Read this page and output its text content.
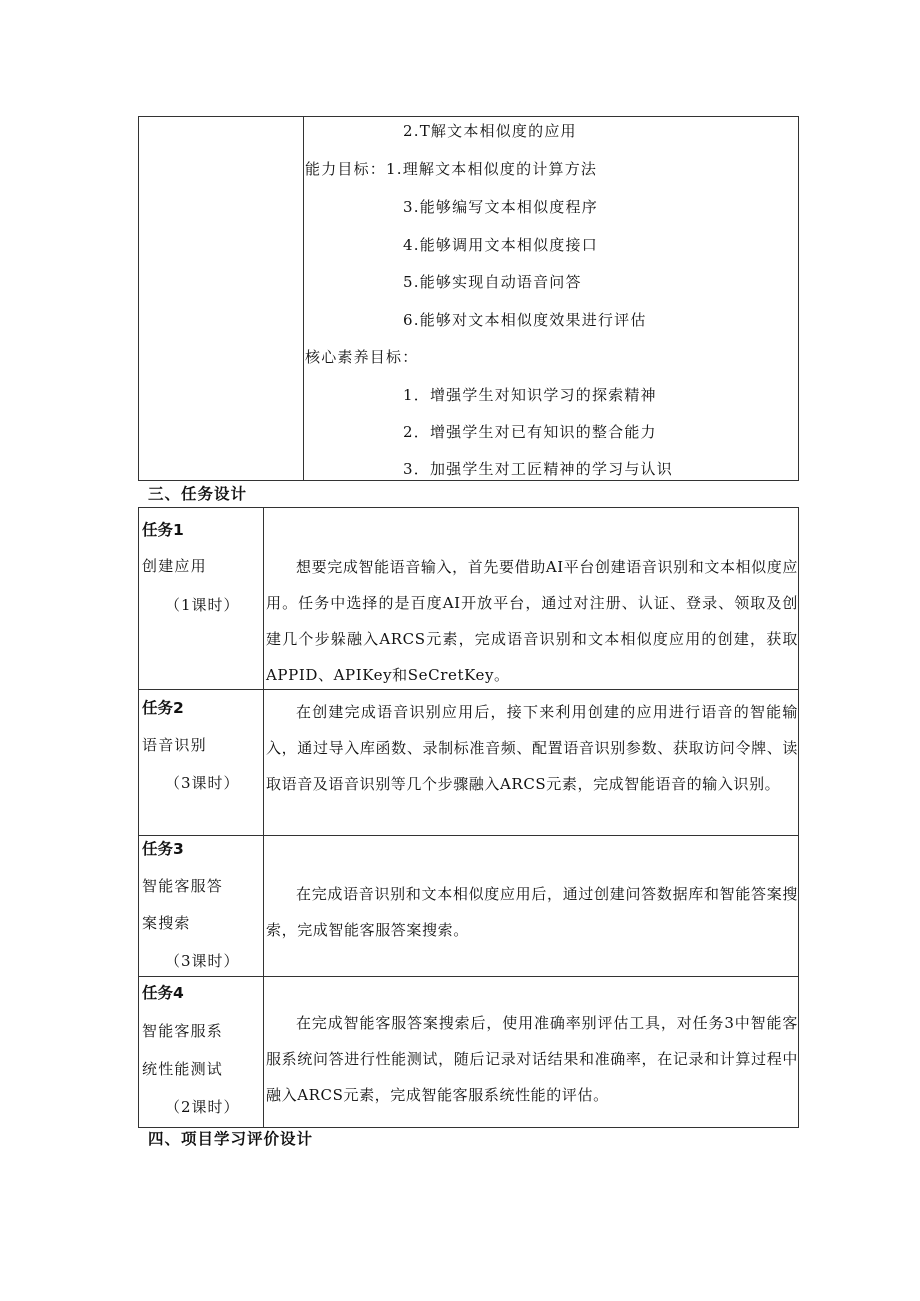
2.T解文本相似度的应用
能力目标：1.理解文本相似度的计算方法
3.能够编写文本相似度程序
4.能够调用文本相似度接口
5.能够实现自动语音问答
6.能够对文本相似度效果进行评估
核心素养目标：
1．增强学生对知识学习的探索精神
2．增强学生对已有知识的整合能力
3．加强学生对工匠精神的学习与认识
三、任务设计
任务1
创建应用
（1课时）
想要完成智能语音输入，首先要借助AI平台创建语音识别和文本相似度应用。任务中选择的是百度AI开放平台，通过对注册、认证、登录、领取及创建几个步躲融入ARCS元素，完成语音识别和文本相似度应用的创建，获取APPID、APIKey和SeCretKey。
任务2
语音识别
（3课时）
在创建完成语音识别应用后，接下来利用创建的应用进行语音的智能输入，通过导入库函数、录制标准音频、配置语音识别参数、获取访问令牌、读取语音及语音识别等几个步骤融入ARCS元素，完成智能语音的输入识别。
任务3
智能客服答
案搜索
（3课时）
在完成语音识别和文本相似度应用后，通过创建问答数据库和智能答案搜索，完成智能客服答案搜索。
任务4
智能客服系
统性能测试
（2课时）
在完成智能客服答案搜索后，使用准确率别评估工具，对任务3中智能客服系统问答进行性能测试，随后记录对话结果和准确率，在记录和计算过程中融入ARCS元素，完成智能客服系统性能的评估。
四、项目学习评价设计
